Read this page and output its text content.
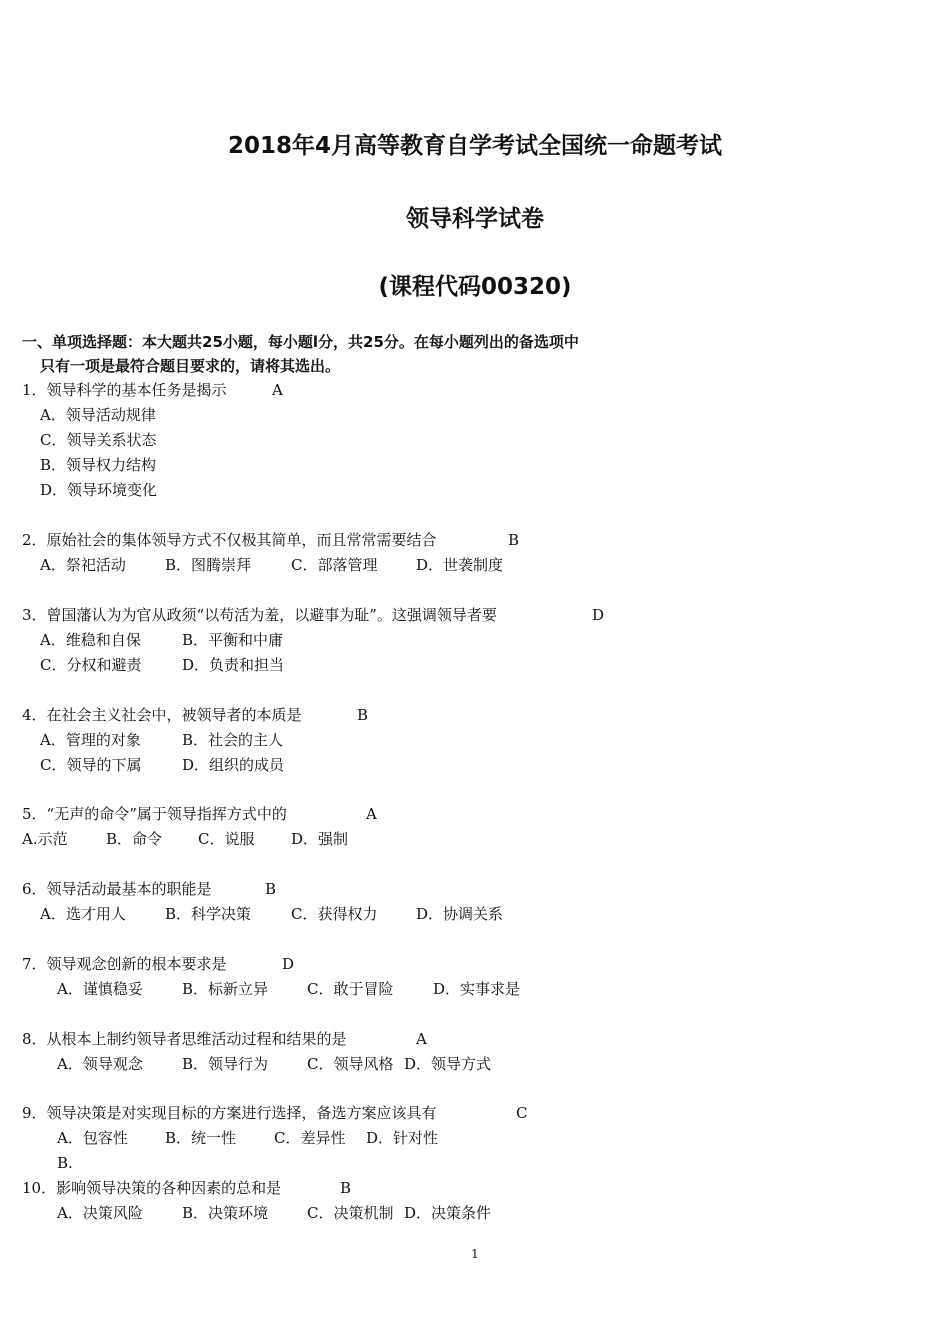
2018年4月高等教育自学考试全国统一命题考试
领导科学试卷
(课程代码00320)
一、单项选择题：本大题共25小题，每小题l分，共25分。在每小题列出的备选项中
只有一项是最符合题目要求的，请将其选出。
1．领导科学的基本任务是揭示	A
A．领导活动规律
C．领导关系状态
B．领导权力结构
D．领导环境变化
2．原始社会的集体领导方式不仅极其简单，而且常常需要结合	B
A．祭祀活动	B．图腾崇拜	C．部落管理	D．世袭制度
3．曾国藩认为为官从政须“以苟活为羞，以避事为耻”。这强调领导者要	D
A．维稳和自保	B．平衡和中庸
C．分权和避责	D．负责和担当
4．在社会主义社会中，被领导者的本质是	B
A．管理的对象	B．社会的主人
C．领导的下属	D．组织的成员
5．“无声的命令”属于领导指挥方式中的	A
A.示范	B．命令 C．说服 D．强制
6．领导活动最基本的职能是	B
A．选才用人	B．科学决策	C．获得权力	D．协调关系
7．领导观念创新的根本要求是	D
A．谨慎稳妥	B．标新立异	C．敢于冒险	D．实事求是
8．从根本上制约领导者思维活动过程和结果的是	A
A．领导观念	B．领导行为	C．领导风格 D．领导方式
9．领导决策是对实现目标的方案进行选择，备选方案应该具有	C
A．包容性 B．统一性	C．差异性 D．针对性
B.
10．影响领导决策的各种因素的总和是	B
A．决策风险	B．决策环境	C．决策机制 D．决策条件
1
